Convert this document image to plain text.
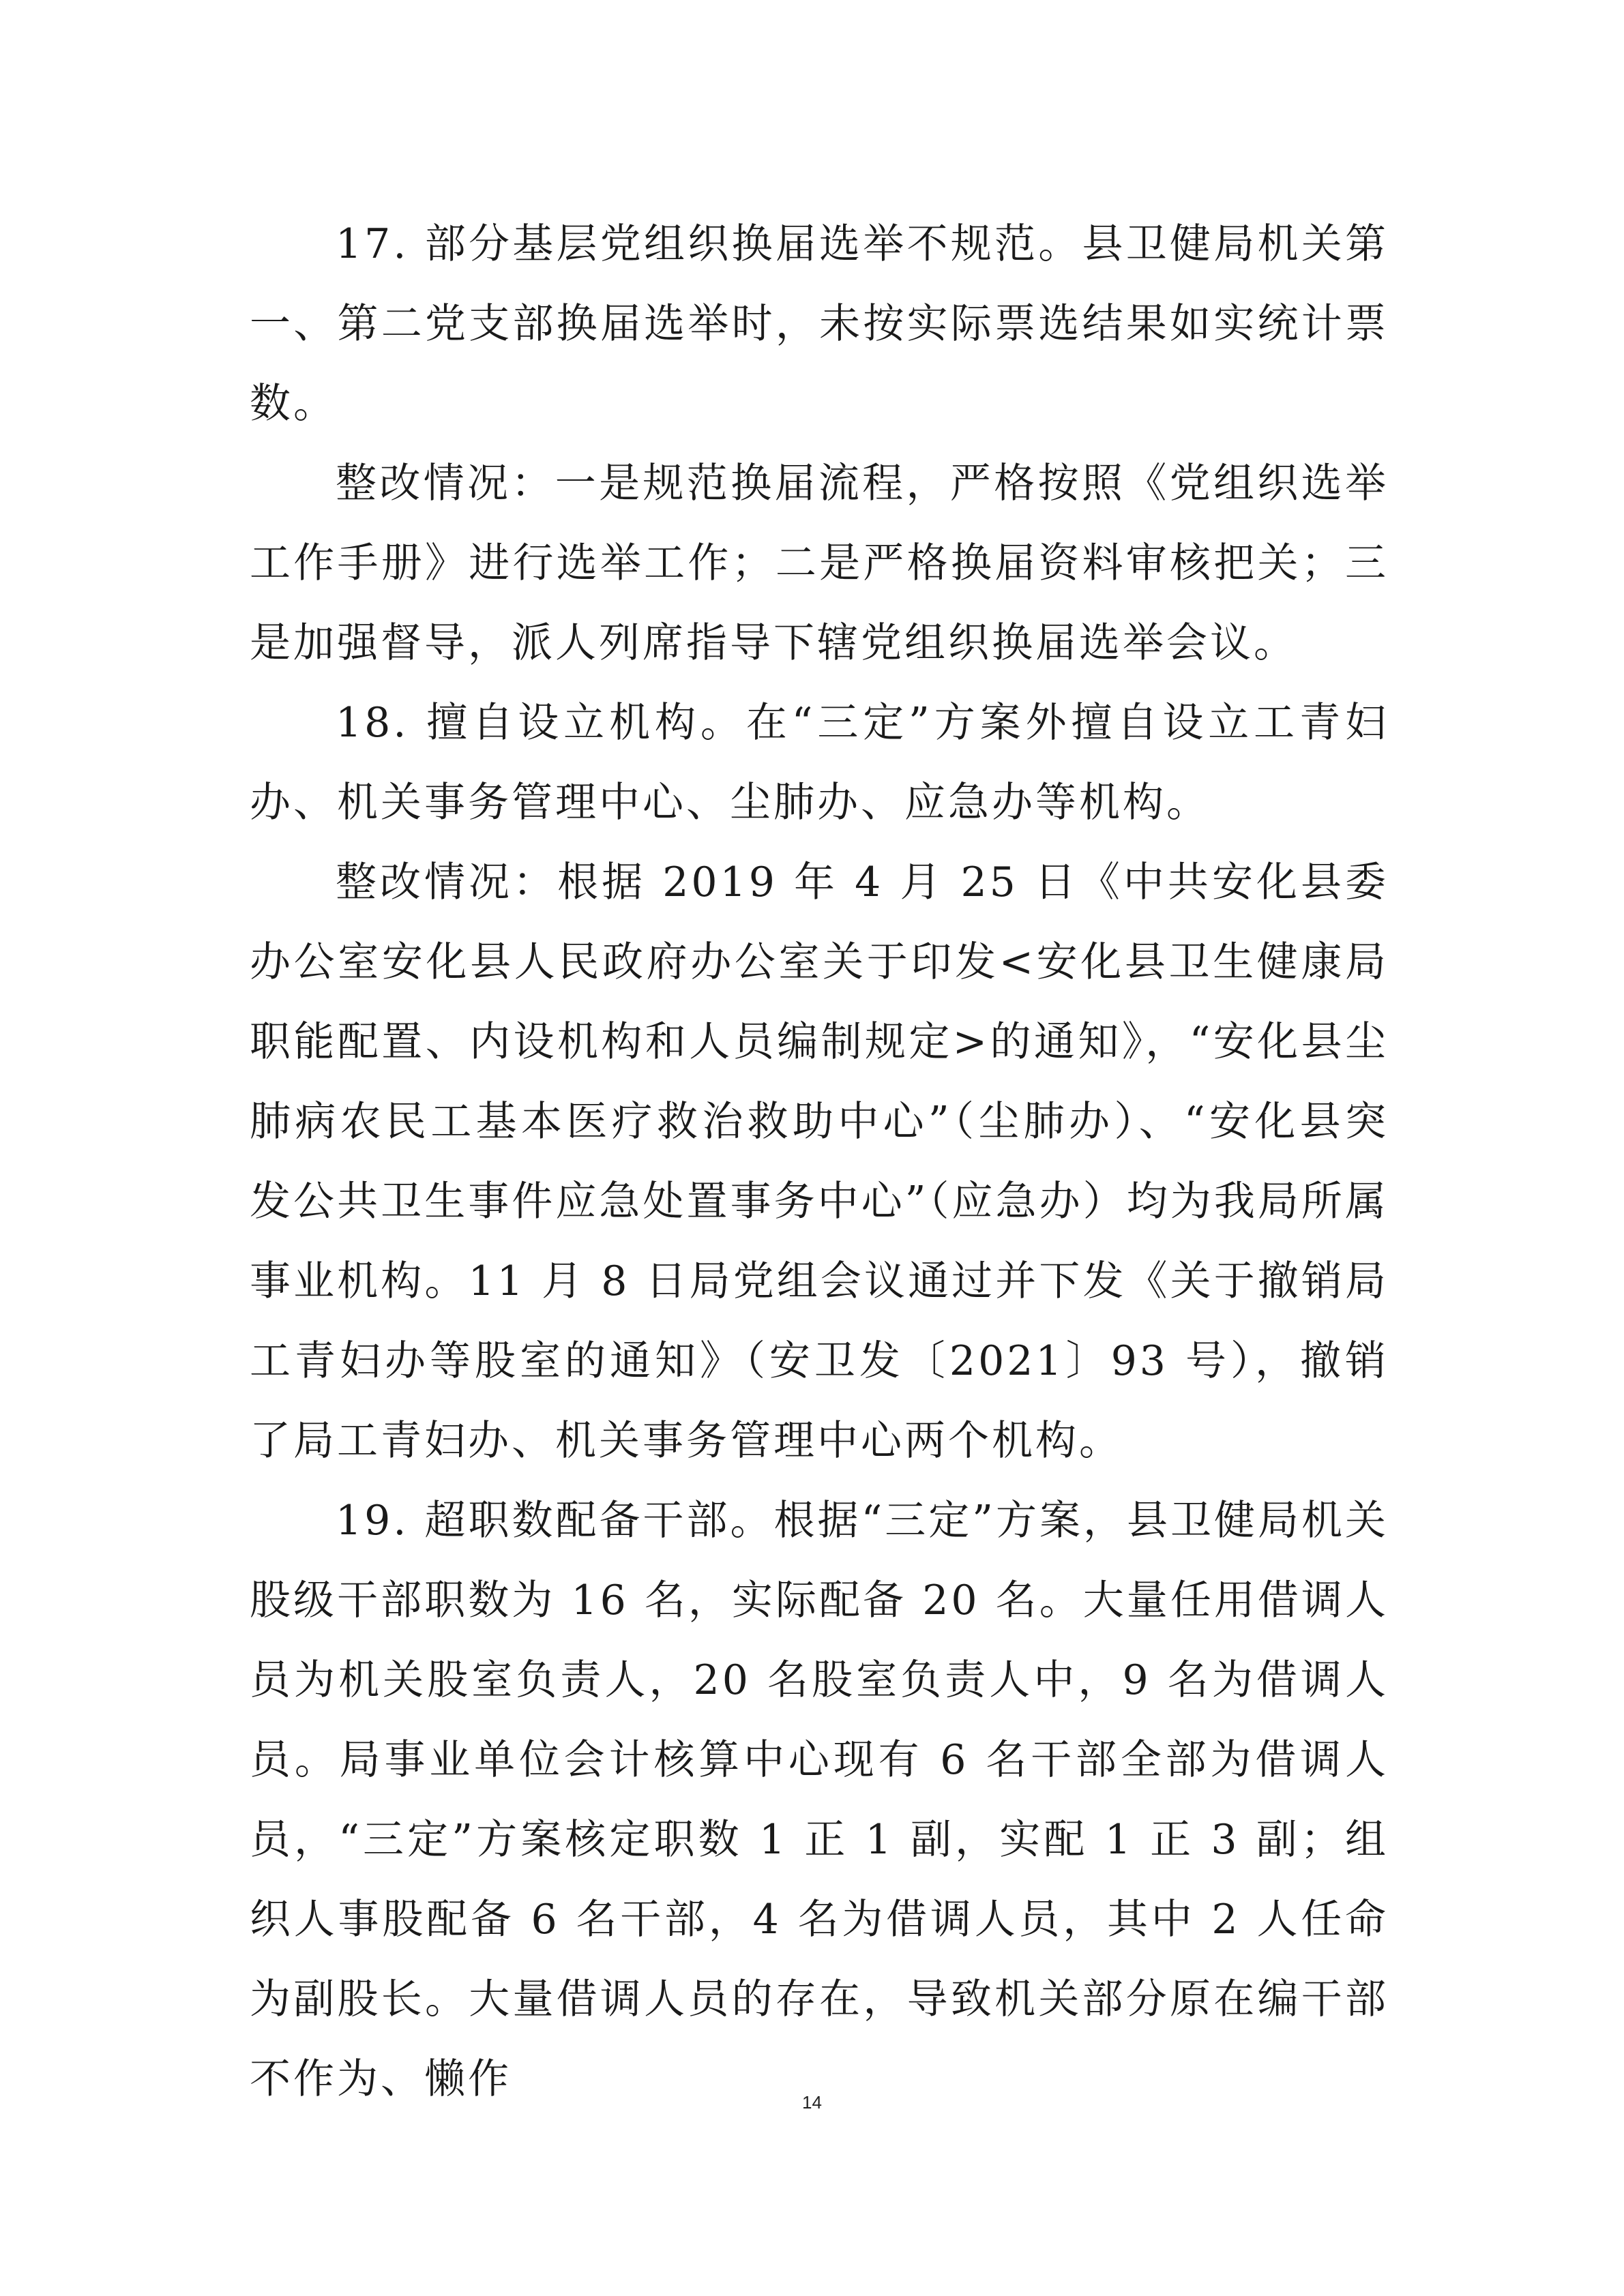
17. 部分基层党组织换届选举不规范。县卫健局机关第一、第二党支部换届选举时，未按实际票选结果如实统计票数。

整改情况：一是规范换届流程，严格按照《党组织选举工作手册》进行选举工作；二是严格换届资料审核把关；三是加强督导，派人列席指导下辖党组织换届选举会议。

18. 擅自设立机构。在“三定”方案外擅自设立工青妇办、机关事务管理中心、尘肺办、应急办等机构。

整改情况：根据 2019 年 4 月 25 日《中共安化县委办公室安化县人民政府办公室关于印发<安化县卫生健康局职能配置、内设机构和人员编制规定>的通知》，“安化县尘肺病农民工基本医疗救治救助中心”（尘肺办）、“安化县突发公共卫生事件应急处置事务中心”（应急办）均为我局所属事业机构。11 月 8 日局党组会议通过并下发《关于撤销局工青妇办等股室的通知》（安卫发〔2021〕93 号），撤销了局工青妇办、机关事务管理中心两个机构。

19. 超职数配备干部。根据“三定”方案，县卫健局机关股级干部职数为 16 名，实际配备 20 名。大量任用借调人员为机关股室负责人，20 名股室负责人中，9 名为借调人员。局事业单位会计核算中心现有 6 名干部全部为借调人员，“三定”方案核定职数 1 正 1 副，实配 1 正 3 副；组织人事股配备 6 名干部，4 名为借调人员，其中 2 人任命为副股长。大量借调人员的存在，导致机关部分原在编干部不作为、懒作	14
